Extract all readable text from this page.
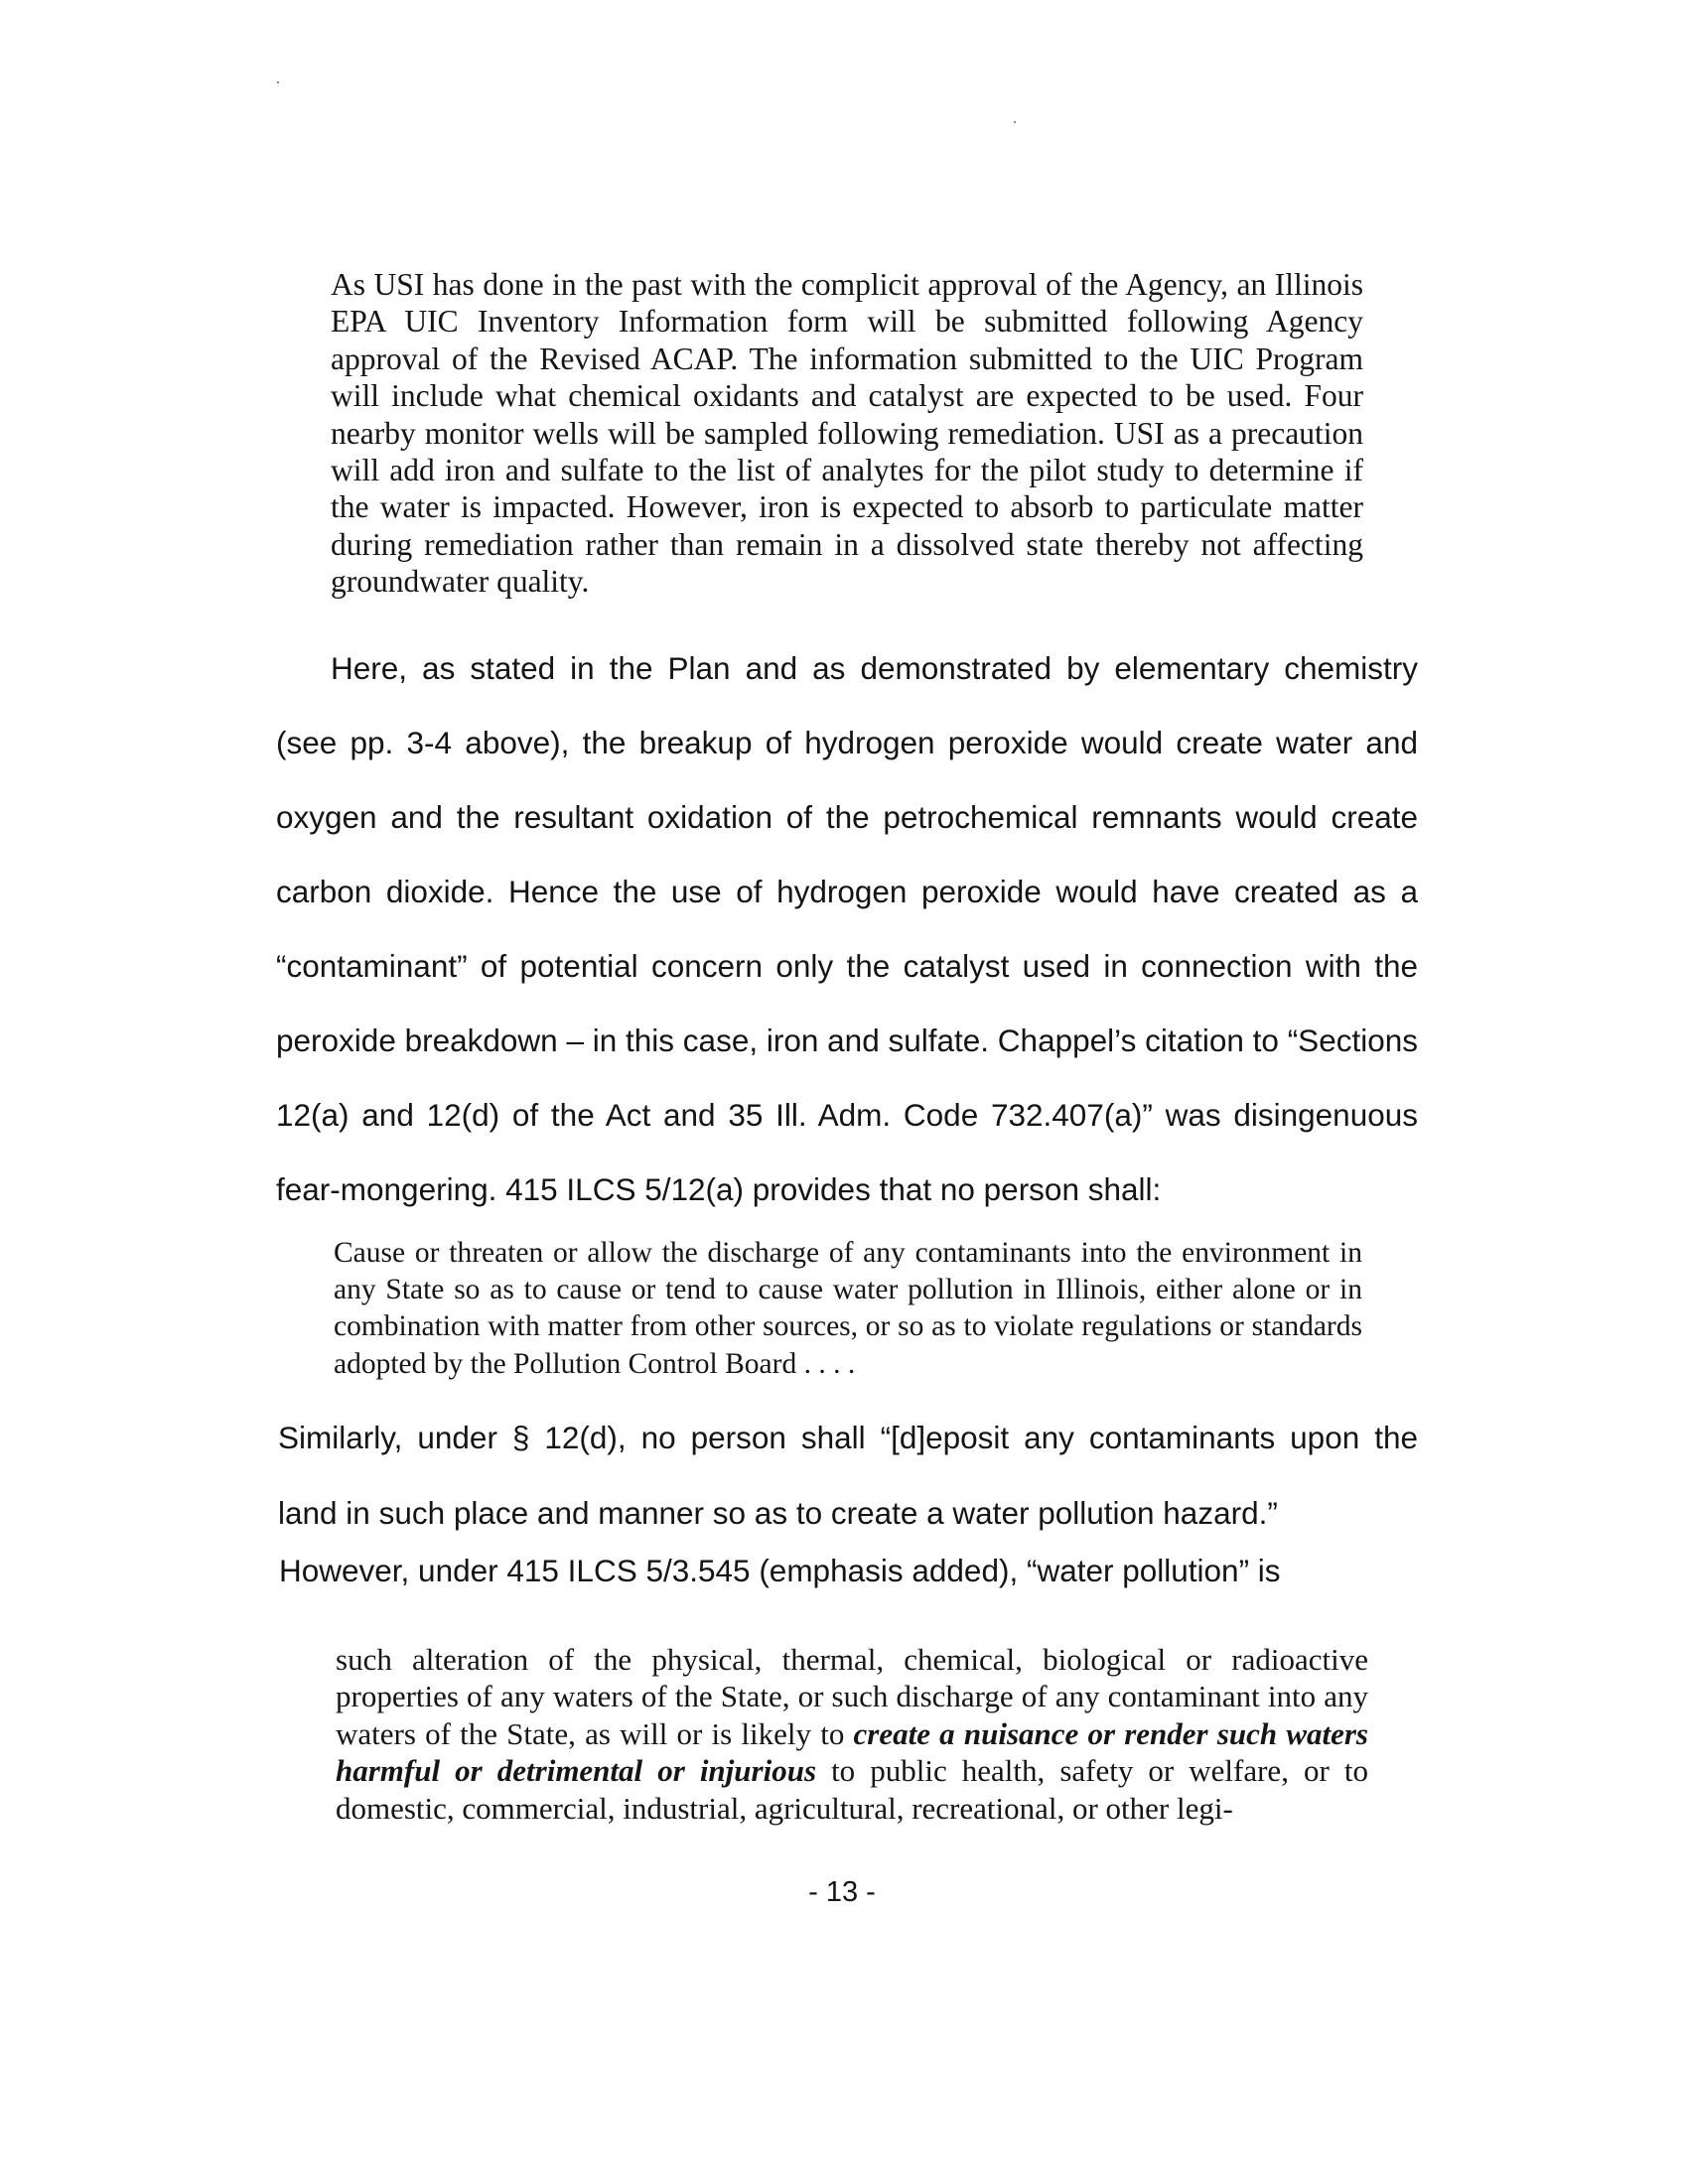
As USI has done in the past with the complicit approval of the Agency, an Illinois EPA UIC Inventory Information form will be submitted following Agency approval of the Revised ACAP. The information submitted to the UIC Program will include what chemical oxidants and catalyst are expected to be used. Four nearby monitor wells will be sampled following remediation. USI as a precaution will add iron and sulfate to the list of analytes for the pilot study to determine if the water is impacted. However, iron is expected to absorb to particulate matter during remediation rather than remain in a dissolved state thereby not affecting groundwater quality.
Here, as stated in the Plan and as demonstrated by elementary chemistry (see pp. 3-4 above), the breakup of hydrogen peroxide would create water and oxygen and the resultant oxidation of the petrochemical remnants would create carbon dioxide. Hence the use of hydrogen peroxide would have created as a “contaminant” of potential concern only the catalyst used in connection with the peroxide breakdown – in this case, iron and sulfate. Chappel’s citation to “Sections 12(a) and 12(d) of the Act and 35 Ill. Adm. Code 732.407(a)” was disingenuous fear-mongering. 415 ILCS 5/12(a) provides that no person shall:
Cause or threaten or allow the discharge of any contaminants into the environment in any State so as to cause or tend to cause water pollution in Illinois, either alone or in combination with matter from other sources, or so as to violate regulations or standards adopted by the Pollution Control Board . . . .
Similarly, under § 12(d), no person shall “[d]eposit any contaminants upon the land in such place and manner so as to create a water pollution hazard.”
However, under 415 ILCS 5/3.545 (emphasis added), “water pollution” is
such alteration of the physical, thermal, chemical, biological or radioactive properties of any waters of the State, or such discharge of any contaminant into any waters of the State, as will or is likely to create a nuisance or render such waters harmful or detrimental or injurious to public health, safety or welfare, or to domestic, commercial, industrial, agricultural, recreational, or other legi-
- 13 -
